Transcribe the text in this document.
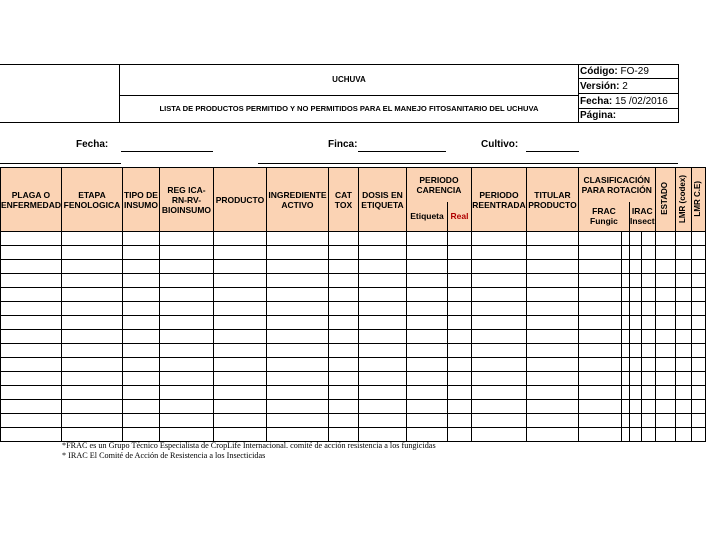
UCHUVA
LISTA DE PRODUCTOS PERMITIDO Y NO PERMITIDOS PARA EL MANEJO FITOSANITARIO DEL UCHUVA
Código: FO-29
Versión: 2
Fecha: 15 /02/2016
Página:
Fecha:	Finca:	Cultivo:
PLAGA O ENFERMEDAD	ETAPA FENOLOGICA	TIPO DE INSUMO	REG ICA-RN-RV-BIOINSUMO	PRODUCTO	INGREDIENTE ACTIVO	CAT TOX	DOSIS EN ETIQUETA	PERIODO CARENCIA		PERIODO REENTRADA	TITULAR PRODUCTO	CLASIFICACIÓN PARA ROTACIÓN				ESTADO	LMR (codex)	LMR C.E)
								Etiqueta	Real			FRAC Fungic		IRAC Insect				

*FRAC es un Grupo Técnico Especialista de CropLife Internacional. comité de acción resistencia a los fungicidas
* IRAC El Comité de Acción de Resistencia a los Insecticidas
